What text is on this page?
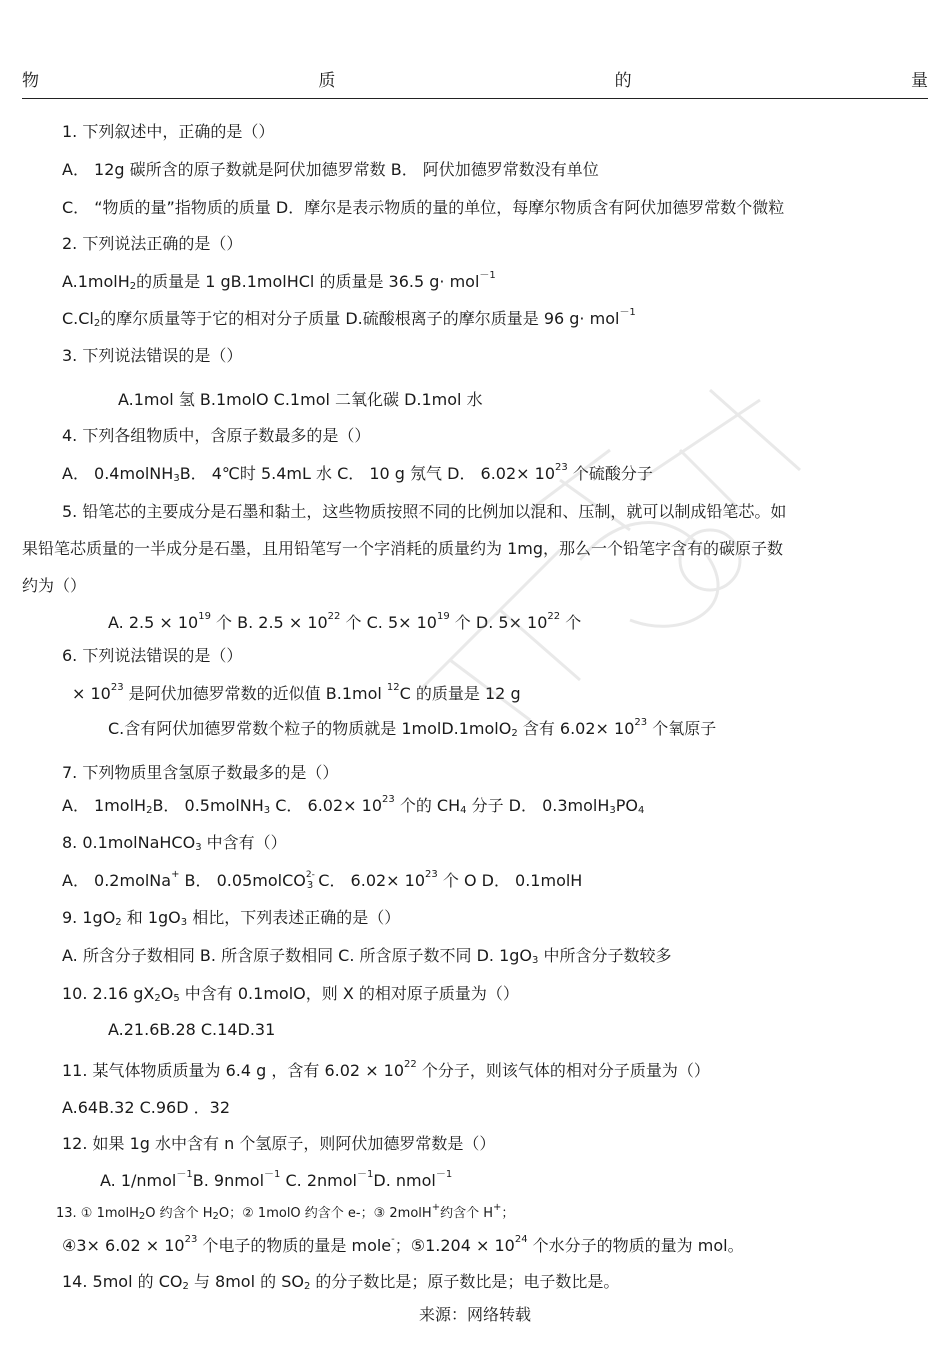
物	质	的	量
1. 下列叙述中，正确的是（）
A． 12g 碳所含的原子数就是阿伏加德罗常数 B． 阿伏加德罗常数没有单位
C． “物质的量”指物质的质量 D．摩尔是表示物质的量的单位，每摩尔物质含有阿伏加德罗常数个微粒
2. 下列说法正确的是（）
A.1molH$_2$的质量是 1 gB.1molHCl 的质量是 36.5 g· mol$^{-1}$
$C.Cl_2$的摩尔质量等于它的相对分子质量 D.硫酸根离子的摩尔质量是 96 g· mol$^{-1}$
3. 下列说法错误的是（）
A.1mol 氢 B.1molO C.1mol 二氧化碳 D.1mol 水
4. 下列各组物质中，含原子数最多的是（）
A． 0.4molNH$_3$B． 4℃时 5.4mL 水 C． 10 g 氖气 D． $6.02\times 10^{23}$ 个硫酸分子
5. 铅笔芯的主要成分是石墨和黏土，这些物质按照不同的比例加以混和、压制，就可以制成铅笔芯。如
果铅笔芯质量的一半成分是石墨，且用铅笔写一个字消耗的质量约为 1mg，那么一个铅笔字含有的碳原子数
约为（）
A. $2.5 \times 10^{19}$ 个 B. $2.5 \times 10^{22}$ 个 C. $5\times 10^{19}$ 个 D. $5\times 10^{22}$ 个
6. 下列说法错误的是（）
× $10^{23}$ 是阿伏加德罗常数的近似值 B.1mol $^{12}$C 的质量是 12 g
C.含有阿伏加德罗常数个粒子的物质就是 1molD.1molO$_2$ 含有 $6.02\times 10^{23}$ 个氧原子
7. 下列物质里含氢原子数最多的是（）
A． 1molH$_2$B． 0.5molNH$_3$ C． $6.02\times 10^{23}$ 个的 $CH_4$ 分子 D． $0.3molH_3PO_4$
8. 0.1molNaHCO$_3$ 中含有（）
A． 0.2molNa+ B． 0.05molCO$^{2-}_3$ C． $6.02\times 10^{23}$ 个 O D． 0.1molH
9. $1gO_2$ 和 $1gO_3$ 相比，下列表述正确的是（）
A. 所含分子数相同 B. 所含原子数相同 C. 所含原子数不同 D. $1gO_3$ 中所含分子数较多
10. 2.16 $gX_2O_5$ 中含有 0.1molO，则 X 的相对原子质量为（）
A.21.6B.28 C.14D.31
11. 某气体物质质量为 6.4 g ，含有 $6.02 \times 10^{22}$ 个分子，则该气体的相对分子质量为（）
A.64B.32 C.96D ．32
12. 如果 1g 水中含有 n 个氢原子，则阿伏加德罗常数是（）
A. 1/nmol$^{-1}$B. 9nmol$^{-1}$ C. 2nmol$^{-1}$D. nmol$^{-1}$
13. ① 1molH$_2$O 约含个 $H_2O$；② 1molO 约含个 e-；③ 2molH+约含个 H+；
④3× $6.02 \times 10^{23}$ 个电子的物质的量是 mole-；⑤1.204 × $10^{24}$ 个水分子的物质的量为 mol。
14. 5mol 的 $CO_2$ 与 8mol 的 $SO_2$ 的分子数比是；原子数比是；电子数比是。
来源：网络转载
